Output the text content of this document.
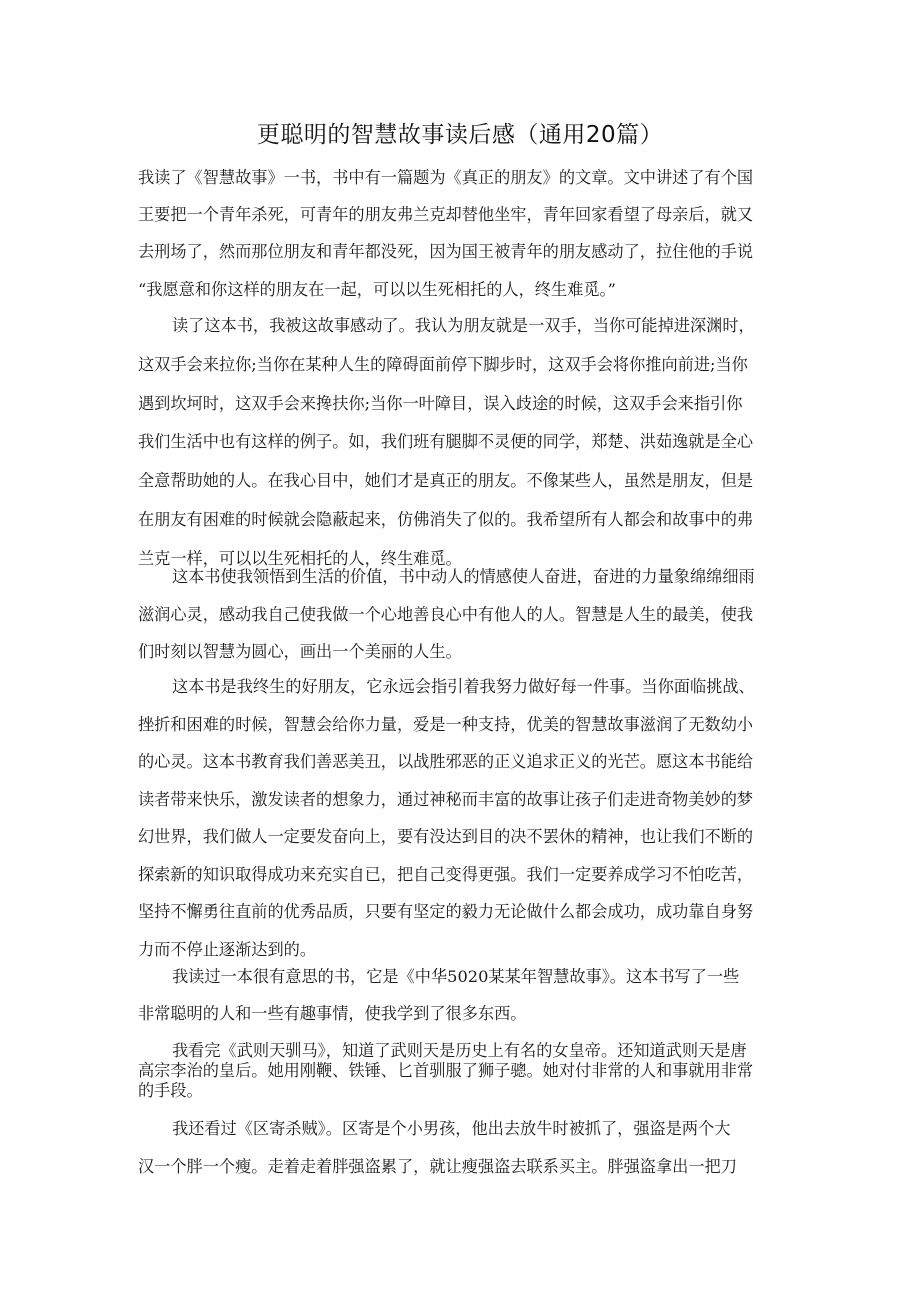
更聪明的智慧故事读后感（通用20篇）
我读了《智慧故事》一书，书中有一篇题为《真正的朋友》的文章。文中讲述了有个国
王要把一个青年杀死，可青年的朋友弗兰克却替他坐牢，青年回家看望了母亲后，就又
去刑场了，然而那位朋友和青年都没死，因为国王被青年的朋友感动了，拉住他的手说
“我愿意和你这样的朋友在一起，可以以生死相托的人，终生难觅。”
读了这本书，我被这故事感动了。我认为朋友就是一双手，当你可能掉进深渊时，
这双手会来拉你;当你在某种人生的障碍面前停下脚步时，这双手会将你推向前进;当你
遇到坎坷时，这双手会来搀扶你;当你一叶障目，误入歧途的时候，这双手会来指引你
我们生活中也有这样的例子。如，我们班有腿脚不灵便的同学，郑楚、洪茹逸就是全心
全意帮助她的人。在我心目中，她们才是真正的朋友。不像某些人，虽然是朋友，但是
在朋友有困难的时候就会隐蔽起来，仿佛消失了似的。我希望所有人都会和故事中的弗
兰克一样，可以以生死相托的人，终生难觅。
这本书使我领悟到生活的价值，书中动人的情感使人奋进，奋进的力量象绵绵细雨
滋润心灵，感动我自己使我做一个心地善良心中有他人的人。智慧是人生的最美，使我
们时刻以智慧为圆心，画出一个美丽的人生。
这本书是我终生的好朋友，它永远会指引着我努力做好每一件事。当你面临挑战、
挫折和困难的时候，智慧会给你力量，爱是一种支持，优美的智慧故事滋润了无数幼小
的心灵。这本书教育我们善恶美丑，以战胜邪恶的正义追求正义的光芒。愿这本书能给
读者带来快乐，激发读者的想象力，通过神秘而丰富的故事让孩子们走进奇物美妙的梦
幻世界，我们做人一定要发奋向上，要有没达到目的决不罢休的精神，也让我们不断的
探索新的知识取得成功来充实自已，把自己变得更强。我们一定要养成学习不怕吃苦，
坚持不懈勇往直前的优秀品质，只要有坚定的毅力无论做什么都会成功，成功靠自身努
力而不停止逐渐达到的。
我读过一本很有意思的书，它是《中华5020某某年智慧故事》。这本书写了一些
非常聪明的人和一些有趣事情，使我学到了很多东西。
我看完《武则天驯马》，知道了武则天是历史上有名的女皇帝。还知道武则天是唐
高宗李治的皇后。她用刚鞭、铁锤、匕首驯服了狮子骢。她对付非常的人和事就用非常
的手段。
我还看过《区寄杀贼》。区寄是个小男孩，他出去放牛时被抓了，强盗是两个大
汉一个胖一个瘦。走着走着胖强盗累了，就让瘦强盗去联系买主。胖强盗拿出一把刀
